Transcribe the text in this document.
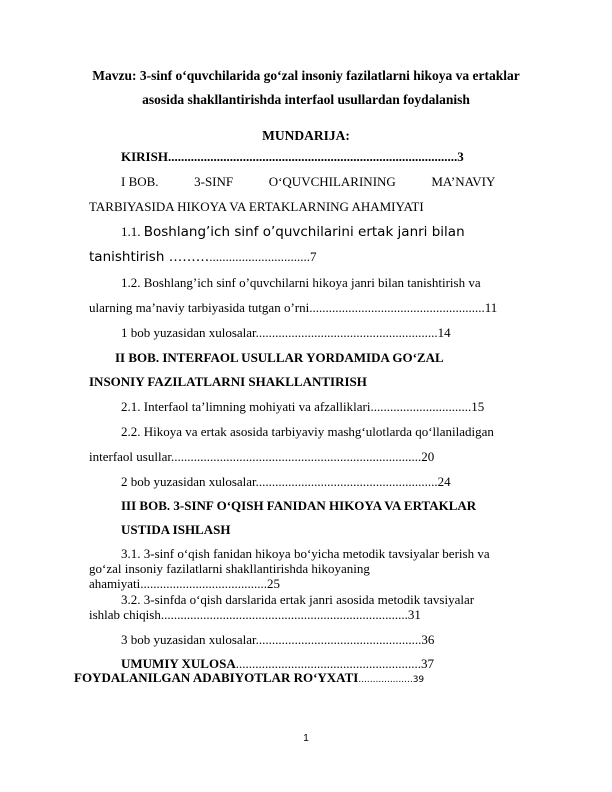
Mavzu: 3-sinf o‘quvchilarida go‘zal insoniy fazilatlarni hikoya va ertaklar
asosida shakllantirishda interfaol usullardan foydalanish
MUNDARIJA:
KIRISH.........................................................................................3
I BOB.	3-SINF	O‘QUVCHILARINING	MA’NAVIY
TARBIYASIDA HIKOYA VA ERTAKLARNING AHAMIYATI
1.1. Boshlang’ich sinf o’quvchilarini ertak janri bilan
tanishtirish ………...............................7
1.2. Boshlang’ich sinf o’quvchilarni hikoya janri bilan tanishtirish va
ularning ma’naviy tarbiyasida tutgan o’rni......................................................11
1 bob yuzasidan xulosalar........................................................14
II BOB. INTERFAOL USULLAR YORDAMIDA GO‘ZAL
INSONIY FAZILATLARNI SHAKLLANTIRISH
2.1. Interfaol ta’limning mohiyati va afzalliklari...............................15
2.2. Hikoya va ertak asosida tarbiyaviy mashg‘ulotlarda qo‘llaniladigan
interfaol usullar.............................................................................20
2 bob yuzasidan xulosalar........................................................24
III BOB. 3-SINF O‘QISH FANIDAN HIKOYA VA ERTAKLAR
USTIDA ISHLASH
3.1. 3-sinf o‘qish fanidan hikoya bo‘yicha metodik tavsiyalar berish va
go‘zal insoniy fazilatlarni shakllantirishda hikoyaning
ahamiyati.......................................25
3.2. 3-sinfda o‘qish darslarida ertak janri asosida metodik tavsiyalar
ishlab chiqish............................................................................31
3 bob yuzasidan xulosalar...................................................36
UMUMIY XULOSA.........................................................37
FOYDALANILGAN ADABIYOTLAR RO‘YXATI...................39
1
